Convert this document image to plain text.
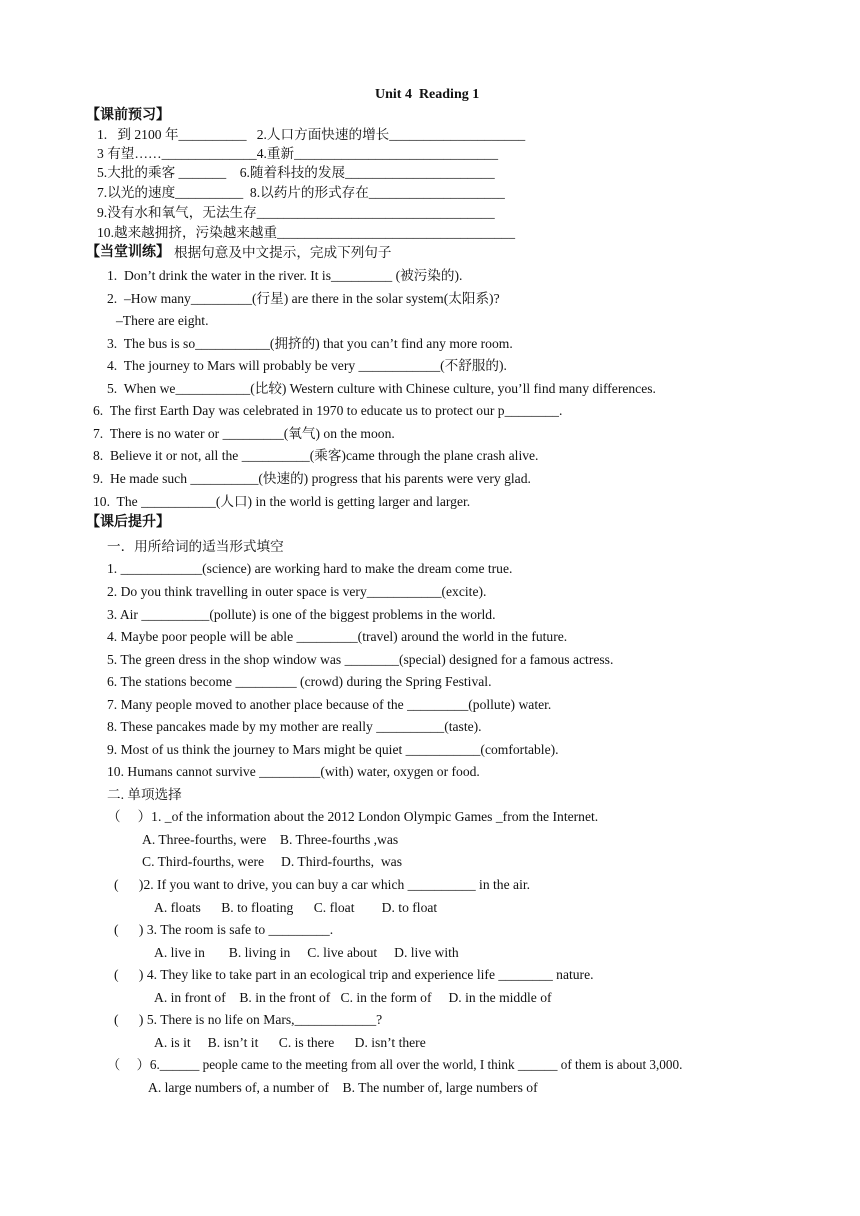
Unit 4  Reading 1
【课前预习】
1.   到 2100 年__________   2.人口方面快速的增长____________________
3 有望……______________4.重新______________________________
5.大批的乘客 _______    6.随着科技的发展______________________
7.以光的速度__________  8.以药片的形式存在____________________
9.没有水和氧气，无法生存___________________________________
10.越来越拥挤，污染越来越重___________________________________
【当堂训练】 根据句意及中文提示，完成下列句子
1.  Don’t drink the water in the river. It is_________ (被污染的).
2.  –How many_________(行星) are there in the solar system(太阳系)?
–There are eight.
3.  The bus is so___________(拥挤的) that you can’t find any more room.
4.  The journey to Mars will probably be very ____________(不舒服的).
5.  When we___________(比较) Western culture with Chinese culture, you’ll find many differences.
6.  The first Earth Day was celebrated in 1970 to educate us to protect our p________.
7.  There is no water or _________(氧气) on the moon.
8.  Believe it or not, all the __________(乘客)came through the plane crash alive.
9.  He made such __________(快速的) progress that his parents were very glad.
10.  The ___________(人口) in the world is getting larger and larger.
【课后提升】
一．用所给词的适当形式填空
1. ____________(science) are working hard to make the dream come true.
2. Do you think travelling in outer space is very___________(excite).
3. Air __________(pollute) is one of the biggest problems in the world.
4. Maybe poor people will be able _________(travel) around the world in the future.
5. The green dress in the shop window was ________(special) designed for a famous actress.
6. The stations become _________ (crowd) during the Spring Festival.
7. Many people moved to another place because of the _________(pollute) water.
8. These pancakes made by my mother are really __________(taste).
9. Most of us think the journey to Mars might be quiet ___________(comfortable).
10. Humans cannot survive _________(with) water, oxygen or food.
二. 单项选择
（     ）1. _of the information about the 2012 London Olympic Games _from the Internet.
A. Three-fourths, were    B. Three-fourths ,was
C. Third-fourths, were     D. Third-fourths,  was
(      )2. If you want to drive, you can buy a car which __________ in the air.
A. floats      B. to floating      C. float        D. to float
(      ) 3. The room is safe to _________.
A. live in       B. living in     C. live about     D. live with
(      ) 4. They like to take part in an ecological trip and experience life ________ nature.
A. in front of    B. in the front of   C. in the form of     D. in the middle of
(      ) 5. There is no life on Mars,____________?
A. is it     B. isn’t it      C. is there      D. isn’t there
（     ）6.______ people came to the meeting from all over the world, I think ______ of them is about 3,000.
A. large numbers of, a number of    B. The number of, large numbers of
